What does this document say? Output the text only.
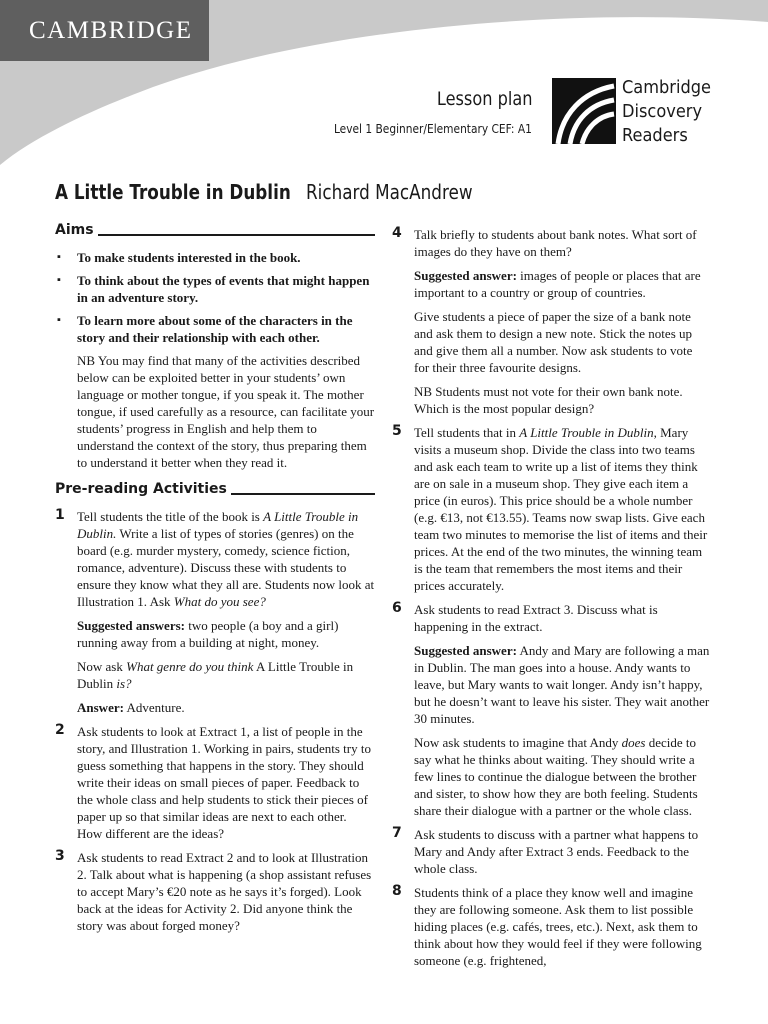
CAMBRIDGE
Lesson plan
Level 1 Beginner/Elementary CEF: A1
Cambridge
Discovery
Readers
A Little Trouble in Dublin Richard MacAndrew
Aims
▪ To make students interested in the book.
▪ To think about the types of events that might happen in an adventure story.
▪ To learn more about some of the characters in the story and their relationship with each other.

NB You may find that many of the activities described below can be exploited better in your students’ own language or mother tongue, if you speak it. The mother tongue, if used carefully as a resource, can facilitate your students’ progress in English and help them to understand the context of the story, thus preparing them to understand it better when they read it.

Pre-reading Activities
1 Tell students the title of the book is A Little Trouble in Dublin. Write a list of types of stories (genres) on the board (e.g. murder mystery, comedy, science fiction, romance, adventure). Discuss these with students to ensure they know what they all are. Students now look at Illustration 1. Ask What do you see?

Suggested answers: two people (a boy and a girl) running away from a building at night, money.

Now ask What genre do you think A Little Trouble in Dublin is?

Answer: Adventure.

2 Ask students to look at Extract 1, a list of people in the story, and Illustration 1. Working in pairs, students try to guess something that happens in the story. They should write their ideas on small pieces of paper. Feedback to the whole class and help students to stick their pieces of paper up so that similar ideas are next to each other. How different are the ideas?

3 Ask students to read Extract 2 and to look at Illustration 2. Talk about what is happening (a shop assistant refuses to accept Mary’s €20 note as he says it’s forged). Look back at the ideas for Activity 2. Did anyone think the story was about forged money?

4 Talk briefly to students about bank notes. What sort of images do they have on them?

Suggested answer: images of people or places that are important to a country or group of countries.

Give students a piece of paper the size of a bank note and ask them to design a new note. Stick the notes up and give them all a number. Now ask students to vote for their three favourite designs.

NB Students must not vote for their own bank note. Which is the most popular design?

5 Tell students that in A Little Trouble in Dublin, Mary visits a museum shop. Divide the class into two teams and ask each team to write up a list of items they think are on sale in a museum shop. They give each item a price (in euros). This price should be a whole number (e.g. €13, not €13.55). Teams now swap lists. Give each team two minutes to memorise the list of items and their prices. At the end of the two minutes, the winning team is the team that remembers the most items and their prices accurately.

6 Ask students to read Extract 3. Discuss what is happening in the extract.

Suggested answer: Andy and Mary are following a man in Dublin. The man goes into a house. Andy wants to leave, but Mary wants to wait longer. Andy isn’t happy, but he doesn’t want to leave his sister. They wait another 30 minutes.

Now ask students to imagine that Andy does decide to say what he thinks about waiting. They should write a few lines to continue the dialogue between the brother and sister, to show how they are both feeling. Students share their dialogue with a partner or the whole class.

7 Ask students to discuss with a partner what happens to Mary and Andy after Extract 3 ends. Feedback to the whole class.

8 Students think of a place they know well and imagine they are following someone. Ask them to list possible hiding places (e.g. cafés, trees, etc.). Next, ask them to think about how they would feel if they were following someone (e.g. frightened,
